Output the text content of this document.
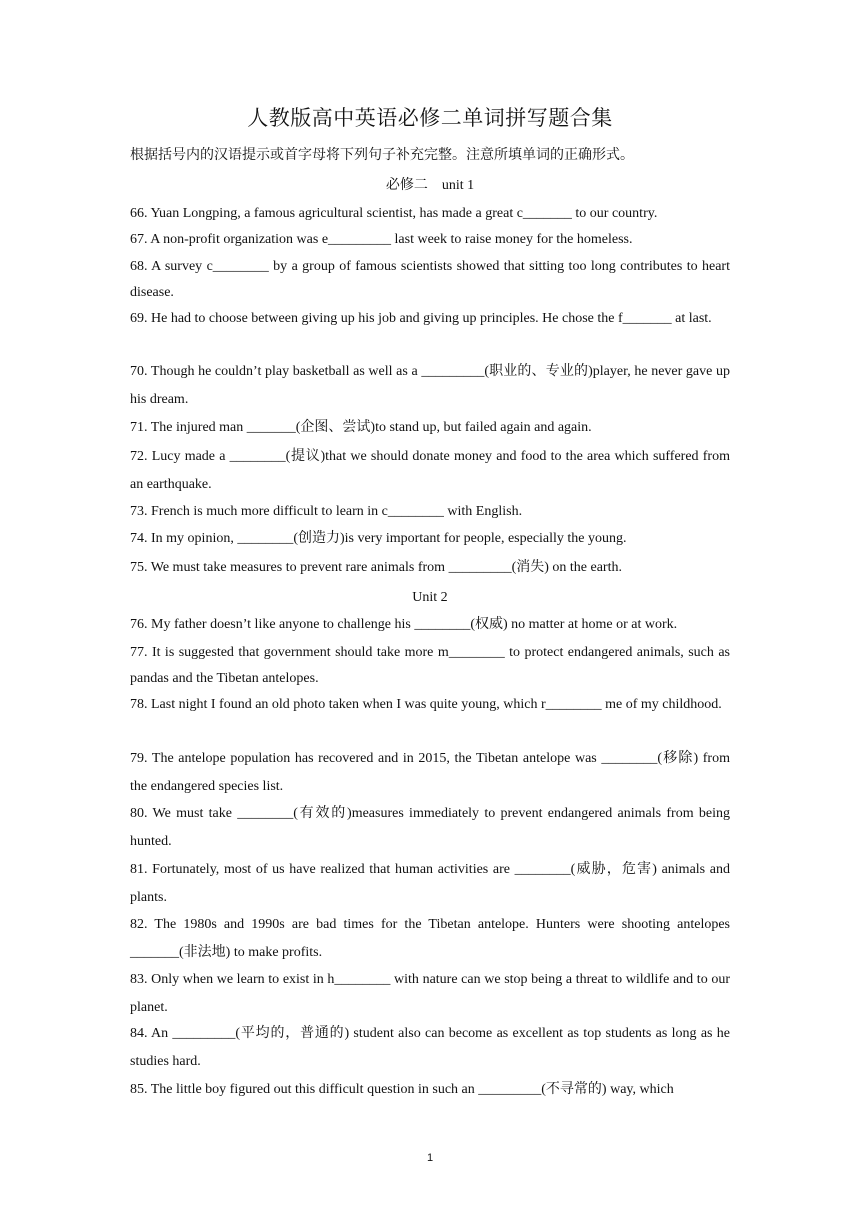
人教版高中英语必修二单词拼写题合集
根据括号内的汉语提示或首字母将下列句子补充完整。注意所填单词的正确形式。
必修二　unit 1
66. Yuan Longping, a famous agricultural scientist, has made a great c_______ to our country.
67. A non-profit organization was e_________ last week to raise money for the homeless.
68. A survey c________ by a group of famous scientists showed that sitting too long contributes to heart disease.
69. He had to choose between giving up his job and giving up principles. He chose the f_______ at last.
70. Though he couldn’t play basketball as well as a _________(职业的、专业的)player, he never gave up his dream.
71. The injured man _______(企图、尝试)to stand up, but failed again and again.
72. Lucy made a ________(提议)that we should donate money and food to the area which suffered from an earthquake.
73. French is much more difficult to learn in c________ with English.
74. In my opinion, ________(创造力)is very important for people, especially the young.
75. We must take measures to prevent rare animals from _________(消失) on the earth.
Unit 2
76. My father doesn’t like anyone to challenge his ________(权威) no matter at home or at work.
77. It is suggested that government should take more m________ to protect endangered animals, such as pandas and the Tibetan antelopes.
78. Last night I found an old photo taken when I was quite young, which r________ me of my childhood.
79. The antelope population has recovered and in 2015, the Tibetan antelope was ________(移除) from the endangered species list.
80. We must take ________(有效的)measures immediately to prevent endangered animals from being hunted.
81. Fortunately, most of us have realized that human activities are ________(威胁，危害) animals and plants.
82. The 1980s and 1990s are bad times for the Tibetan antelope. Hunters were shooting antelopes _______(非法地) to make profits.
83. Only when we learn to exist in h________ with nature can we stop being a threat to wildlife and to our planet.
84. An _________(平均的，普通的) student also can become as excellent as top students as long as he studies hard.
85. The little boy figured out this difficult question in such an _________(不寻常的) way, which
1
